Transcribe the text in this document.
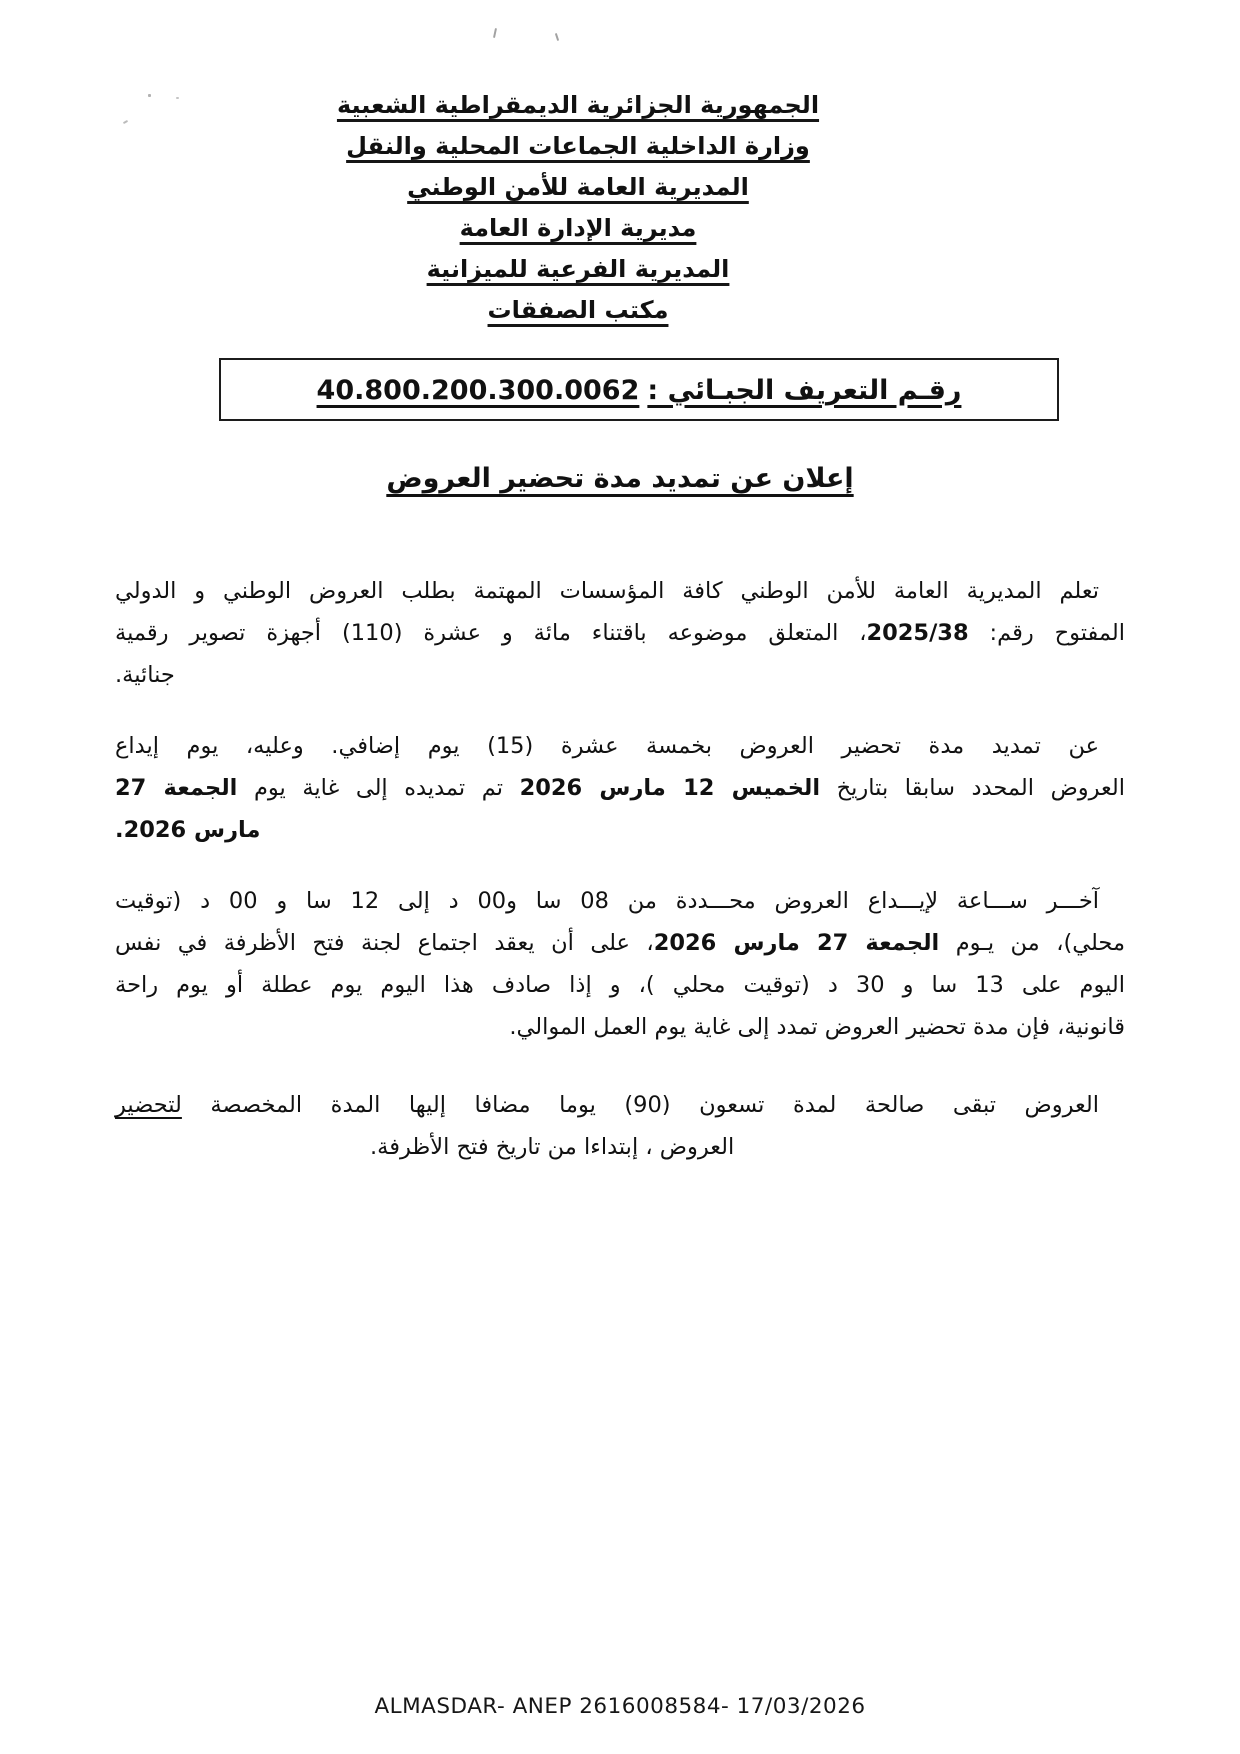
الجمهورية الجزائرية الديمقراطية الشعبية
وزارة الداخلية الجماعات المحلية والنقل
المديرية العامة للأمن الوطني
مديرية الإدارة العامة
المديرية الفرعية للميزانية
مكتب الصفقات
رقـم التعريف الجبـائي :40.800.200.300.0062
إعلان عن تمديد مدة تحضير العروض
تعلم المديرية العامة للأمن الوطني كافة المؤسسات المهتمة بطلب العروض الوطني و الدولي
المفتوح رقم: 2025/38، المتعلق موضوعه باقتناء مائة و عشرة (110) أجهزة تصوير رقمية
جنائية.
عن تمديد مدة تحضير العروض بخمسة عشرة (15) يوم إضافي. وعليه، يوم إيداع
العروض المحدد سابقا بتاريخ الخميس 12 مارس 2026 تم تمديده إلى غاية يوم الجمعة 27
مارس 2026.
آخـــر ســـاعة لإيـــداع العروض محـــددة من 08 سا و00 د إلى 12 سا و 00 د (توقيت
محلي)، من يـوم الجمعة 27 مارس 2026، على أن يعقد اجتماع لجنة فتح الأظرفة في نفس
اليوم على 13 سا و 30 د (توقيت محلي )، و إذا صادف هذا اليوم يوم عطلة أو يوم راحة
قانونية، فإن مدة تحضير العروض تمدد إلى غاية يوم العمل الموالي.
العروض تبقى صالحة لمدة تسعون (90) يوما مضافا إليها المدة المخصصة لتحضير
العروض ، إبتداءا من تاريخ فتح الأظرفة.
ALMASDAR- ANEP 2616008584- 17/03/2026
